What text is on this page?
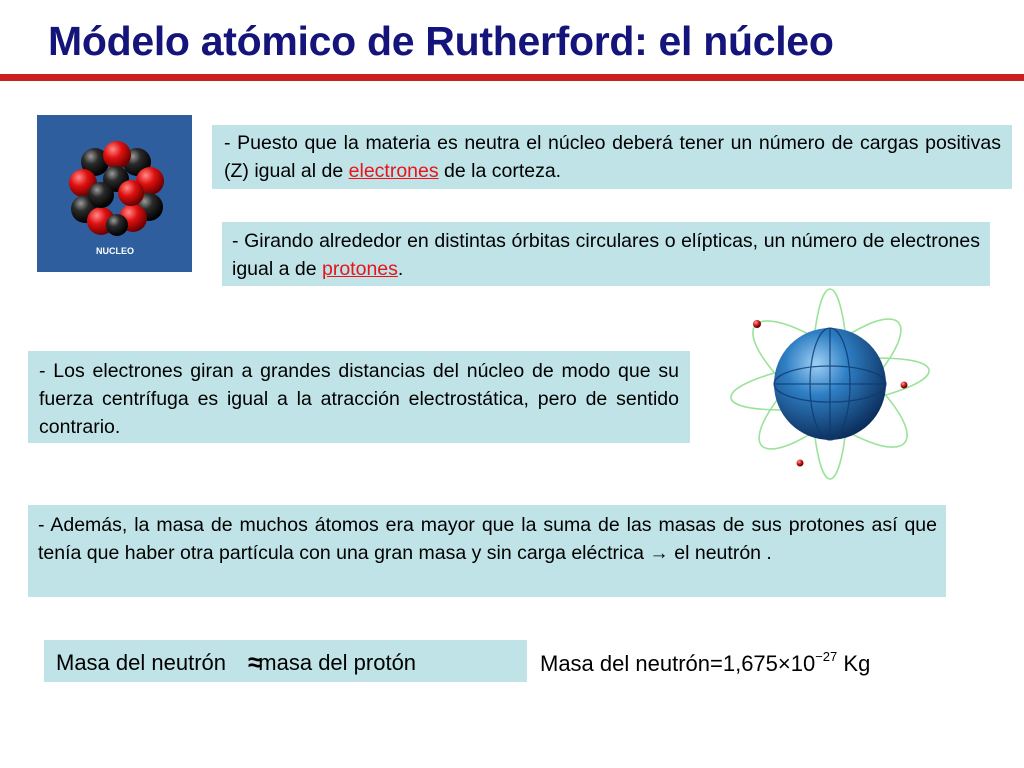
Módelo atómico de Rutherford: el núcleo
NUCLEO

- Puesto que la materia es neutra el núcleo deberá tener un número de cargas positivas (Z) igual al de electrones de la corteza.

- Girando alrededor en distintas órbitas circulares o elípticas, un número de electrones igual a de protones.

- Los electrones giran a grandes distancias del núcleo de modo que su fuerza centrífuga es igual a la atracción electrostática, pero de sentido contrario.

- Además, la masa de muchos átomos era mayor que la suma de las masas de sus protones así que tenía que haber otra partícula con una gran masa y sin carga eléctrica → el neutrón .

Masa del neutrón ≈masa del protón	Masa del $neutrón=1,675\times 10^{-27}$ Kg
